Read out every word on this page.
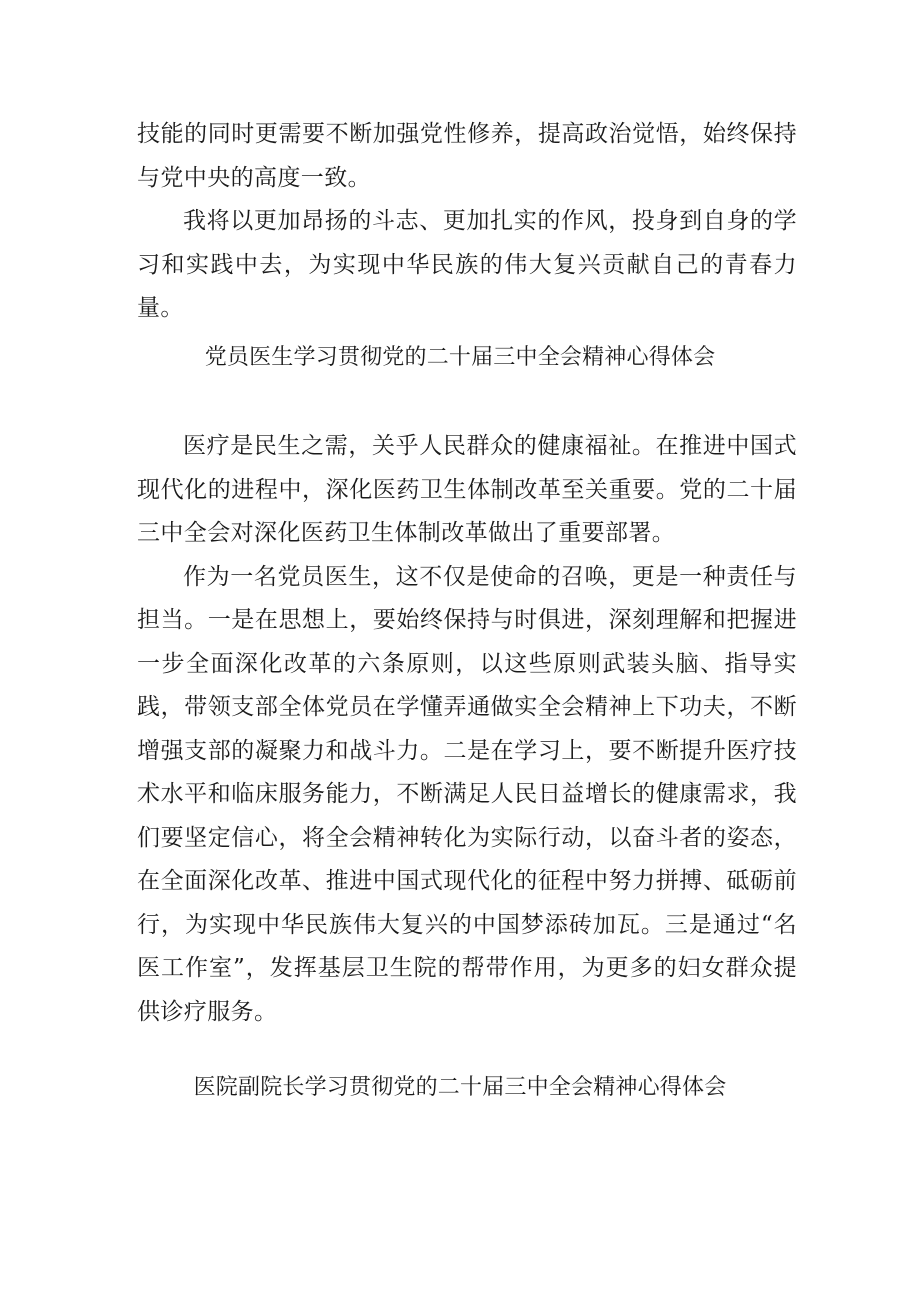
技能的同时更需要不断加强党性修养，提高政治觉悟，始终保持与党中央的高度一致。

我将以更加昂扬的斗志、更加扎实的作风，投身到自身的学习和实践中去，为实现中华民族的伟大复兴贡献自己的青春力量。

党员医生学习贯彻党的二十届三中全会精神心得体会

医疗是民生之需，关乎人民群众的健康福祉。在推进中国式现代化的进程中，深化医药卫生体制改革至关重要。党的二十届三中全会对深化医药卫生体制改革做出了重要部署。

作为一名党员医生，这不仅是使命的召唤，更是一种责任与担当。一是在思想上，要始终保持与时俱进，深刻理解和把握进一步全面深化改革的六条原则，以这些原则武装头脑、指导实践，带领支部全体党员在学懂弄通做实全会精神上下功夫，不断增强支部的凝聚力和战斗力。二是在学习上，要不断提升医疗技术水平和临床服务能力，不断满足人民日益增长的健康需求，我们要坚定信心，将全会精神转化为实际行动，以奋斗者的姿态，在全面深化改革、推进中国式现代化的征程中努力拼搏、砥砺前行，为实现中华民族伟大复兴的中国梦添砖加瓦。三是通过“名医工作室”，发挥基层卫生院的帮带作用，为更多的妇女群众提供诊疗服务。

医院副院长学习贯彻党的二十届三中全会精神心得体会
